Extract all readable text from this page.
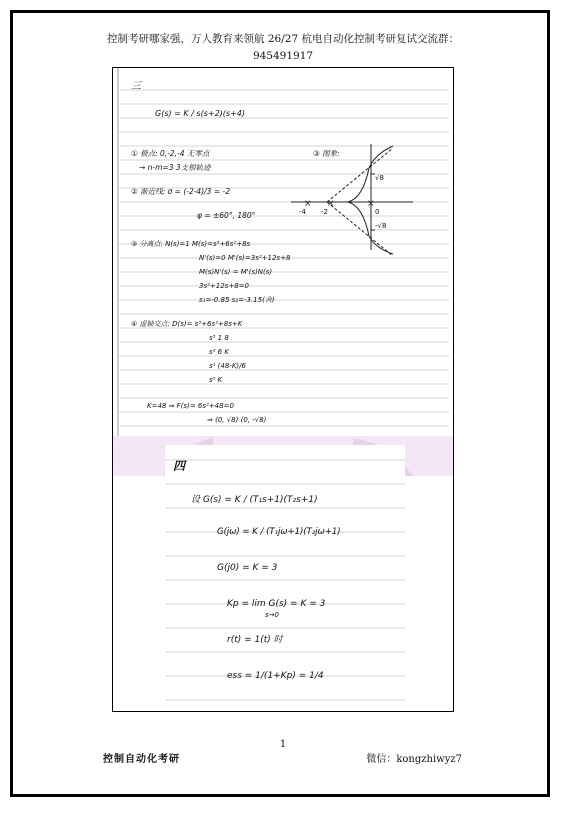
控制考研哪家强，万人教育来领航 26/27 杭电自动化控制考研复试交流群：
945491917
× ×	×
√8
-√8
-2
-4	0
三
G(s) = K / s(s+2)(s+4)
① 极点: 0,-2,-4 无零点	③ 图象:
→ n-m=3 3支根轨迹
② 渐近线: σ = (-2-4)/3 = -2
φ = ±60°, 180°
③ 分离点: N(s)=1 M(s)=s³+6s²+8s
N'(s)=0 M'(s)=3s²+12s+8
M(s)N'(s) = M'(s)N(s)
3s²+12s+8=0
s₁=-0.85 s₂=-3.15(舍)
④ 虚轴交点: D(s)= s³+6s²+8s+K
s³ 1 8
s² 6 K
s¹ (48-K)/6
s⁰ K
K=48 ⇒ F(s)= 6s²+48=0
⇒ (0, √8) (0, -√8)
四
设 G(s) = K / (T₁s+1)(T₂s+1)
G(jω) = K / (T₁jω+1)(T₂jω+1)
G(j0) = K = 3
Kp = lim G(s) = K = 3
s→0
r(t) = 1(t) 时
ess = 1/(1+Kp) = 1/4
1
控制自动化考研	微信：kongzhiwyz7
